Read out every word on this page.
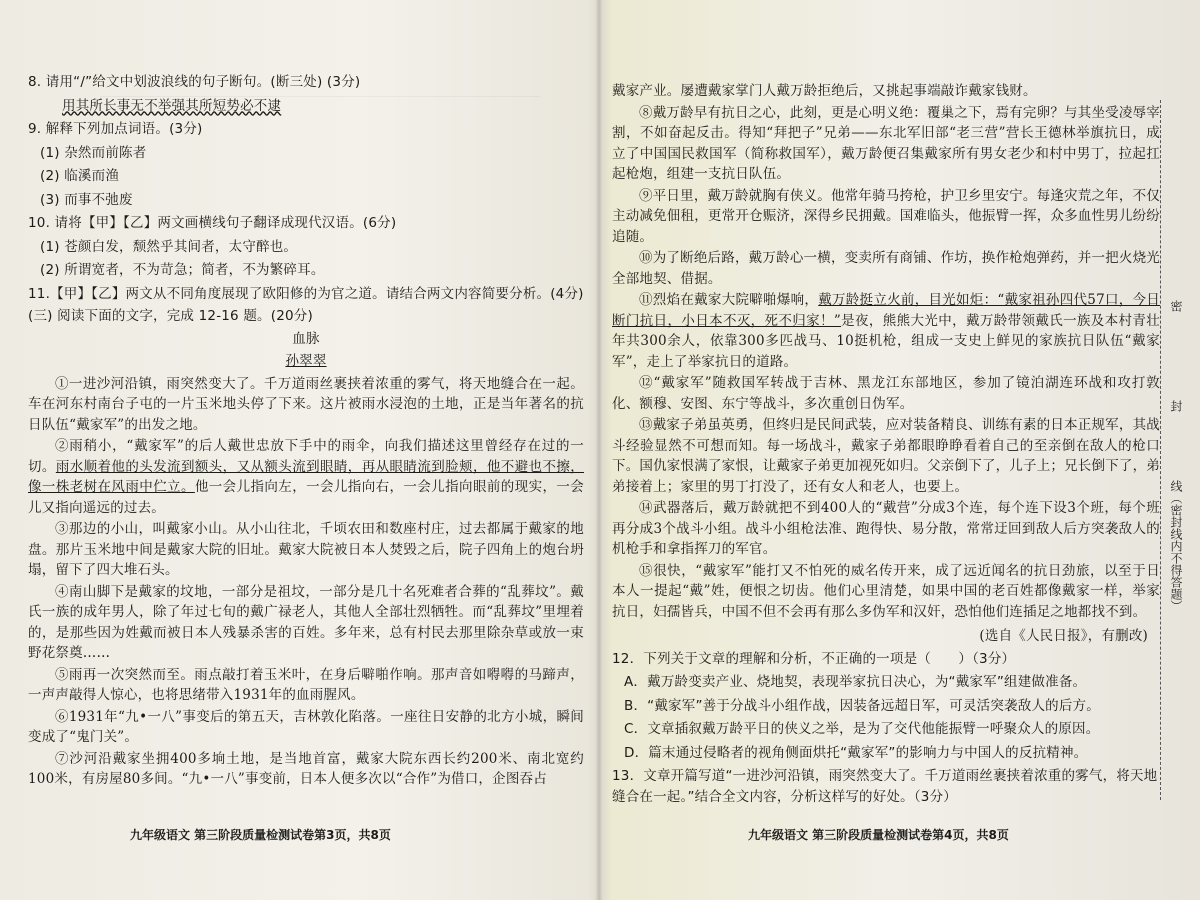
8. 请用“/”给文中划波浪线的句子断句。(断三处) (3分)

用其所长事无不举强其所短势必不逮

9. 解释下列加点词语。(3分)

(1) 杂然而前陈者

(2) 临溪而渔

(3) 而事不弛废

10. 请将【甲】【乙】两文画横线句子翻译成现代汉语。(6分)

(1) 苍颜白发，颓然乎其间者，太守醉也。

(2) 所谓宽者，不为苛急；简者，不为繁碎耳。

11.【甲】【乙】两文从不同角度展现了欧阳修的为官之道。请结合两文内容简要分析。(4分)

(三) 阅读下面的文字，完成 12-16 题。(20分)

血脉

孙翠翠

①一进沙河沿镇，雨突然变大了。千万道雨丝裹挟着浓重的雾气，将天地缝合在一起。车在河东村南台子屯的一片玉米地头停了下来。这片被雨水浸泡的土地，正是当年著名的抗日队伍“戴家军”的出发之地。

②雨稍小，“戴家军”的后人戴世忠放下手中的雨伞，向我们描述这里曾经存在过的一切。雨水顺着他的头发流到额头，又从额头流到眼睛，再从眼睛流到脸颊，他不避也不擦，像一株老树在风雨中伫立。他一会儿指向左，一会儿指向右，一会儿指向眼前的现实，一会儿又指向遥远的过去。

③那边的小山，叫戴家小山。从小山往北，千顷农田和数座村庄，过去都属于戴家的地盘。那片玉米地中间是戴家大院的旧址。戴家大院被日本人焚毁之后，院子四角上的炮台坍塌，留下了四大堆石头。

④南山脚下是戴家的坟地，一部分是祖坟，一部分是几十名死难者合葬的“乱葬坟”。戴氏一族的成年男人，除了年过七旬的戴广禄老人，其他人全部壮烈牺牲。而“乱葬坟”里埋着的，是那些因为姓戴而被日本人残暴杀害的百姓。多年来，总有村民去那里除杂草或放一束野花祭奠……

⑤雨再一次突然而至。雨点敲打着玉米叶，在身后噼啪作响。那声音如嘚嘚的马蹄声，一声声敲得人惊心，也将思绪带入1931年的血雨腥风。

⑥1931年“九•一八”事变后的第五天，吉林敦化陷落。一座往日安静的北方小城，瞬间变成了“鬼门关”。

⑦沙河沿戴家坐拥400多垧土地，是当地首富，戴家大院东西长约200米、南北宽约100米，有房屋80多间。“九•一八”事变前，日本人便多次以“合作”为借口，企图吞占

九年级语文 第三阶段质量检测试卷第3页，共8页

戴家产业。屡遭戴家掌门人戴万龄拒绝后，又挑起事端敲诈戴家钱财。

⑧戴万龄早有抗日之心，此刻，更是心明义绝：覆巢之下，焉有完卵？与其坐受凌辱宰割，不如奋起反击。得知“拜把子”兄弟——东北军旧部“老三营”营长王德林举旗抗日，成立了中国国民救国军（简称救国军），戴万龄便召集戴家所有男女老少和村中男丁，拉起扛起枪炮，组建一支抗日队伍。

⑨平日里，戴万龄就胸有侠义。他常年骑马挎枪，护卫乡里安宁。每逢灾荒之年，不仅主动减免佃租，更常开仓赈济，深得乡民拥戴。国难临头，他振臂一挥，众多血性男儿纷纷追随。

⑩为了断绝后路，戴万龄心一横，变卖所有商铺、作坊，换作枪炮弹药，并一把火烧光全部地契、借据。

⑪烈焰在戴家大院噼啪爆响，戴万龄挺立火前，目光如炬：“戴家祖孙四代57口，今日断门抗日，小日本不灭，死不归家！”是夜，熊熊大光中，戴万龄带领戴氏一族及本村青壮年共300余人，依靠300多匹战马、10挺机枪，组成一支史上鲜见的家族抗日队伍“戴家军”，走上了举家抗日的道路。

⑫“戴家军”随救国军转战于吉林、黑龙江东部地区，参加了镜泊湖连环战和攻打敦化、额穆、安图、东宁等战斗，多次重创日伪军。

⑬戴家子弟虽英勇，但终归是民间武装，应对装备精良、训练有素的日本正规军，其战斗经验显然不可想而知。每一场战斗，戴家子弟都眼睁睁看着自己的至亲倒在敌人的枪口下。国仇家恨满了家恨，让戴家子弟更加视死如归。父亲倒下了，儿子上；兄长倒下了，弟弟接着上；家里的男丁打没了，还有女人和老人，也要上。

⑭武器落后，戴万龄就把不到400人的“戴营”分成3个连，每个连下设3个班，每个班再分成3个战斗小组。战斗小组枪法准、跑得快、易分散，常常迂回到敌人后方突袭敌人的机枪手和拿指挥刀的军官。

⑮很快，“戴家军”能打又不怕死的威名传开来，成了远近闻名的抗日劲旅，以至于日本人一提起“戴”姓，便恨之切齿。他们心里清楚，如果中国的老百姓都像戴家一样，举家抗日，妇孺皆兵，中国不但不会再有那么多伪军和汉奸，恐怕他们连插足之地都找不到。

(选自《人民日报》，有删改)

12．下列关于文章的理解和分析，不正确的一项是（　　）（3分）

A．戴万龄变卖产业、烧地契，表现举家抗日决心，为“戴家军”组建做准备。

B．“戴家军”善于分战斗小组作战，因装备远超日军，可灵活突袭敌人的后方。

C．文章插叙戴万龄平日的侠义之举，是为了交代他能振臂一呼聚众人的原因。

D．篇末通过侵略者的视角侧面烘托“戴家军”的影响力与中国人的反抗精神。

13．文章开篇写道“一进沙河沿镇，雨突然变大了。千万道雨丝裹挟着浓重的雾气，将天地缝合在一起。”结合全文内容，分析这样写的好处。（3分）

九年级语文 第三阶段质量检测试卷第4页，共8页
密
封
线（密封线内不得答题）
